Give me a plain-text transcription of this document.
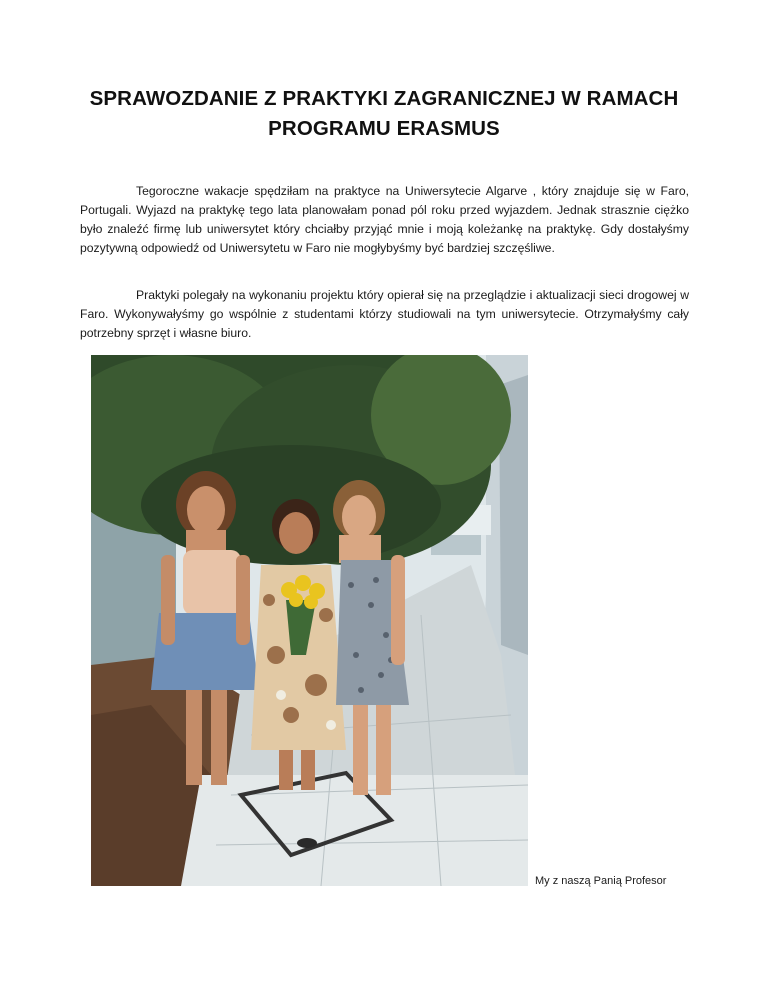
SPRAWOZDANIE Z PRAKTYKI ZAGRANICZNEJ W RAMACH
PROGRAMU ERASMUS
Tegoroczne wakacje spędziłam na praktyce na Uniwersytecie Algarve , który znajduje się w Faro, Portugali. Wyjazd na praktykę tego lata planowałam ponad pól roku przed wyjazdem. Jednak strasznie ciężko było znaleźć firmę lub uniwersytet który chciałby przyjąć mnie i moją koleżankę na praktykę. Gdy dostałyśmy pozytywną odpowiedź od Uniwersytetu w Faro nie mogłybyśmy być bardziej szczęśliwe.
Praktyki polegały na wykonaniu projektu który opierał się na przeglądzie i aktualizacji sieci drogowej w Faro. Wykonywałyśmy go wspólnie z studentami którzy studiowali na tym uniwersytecie. Otrzymałyśmy cały potrzebny sprzęt i własne biuro.
My z naszą Panią Profesor
